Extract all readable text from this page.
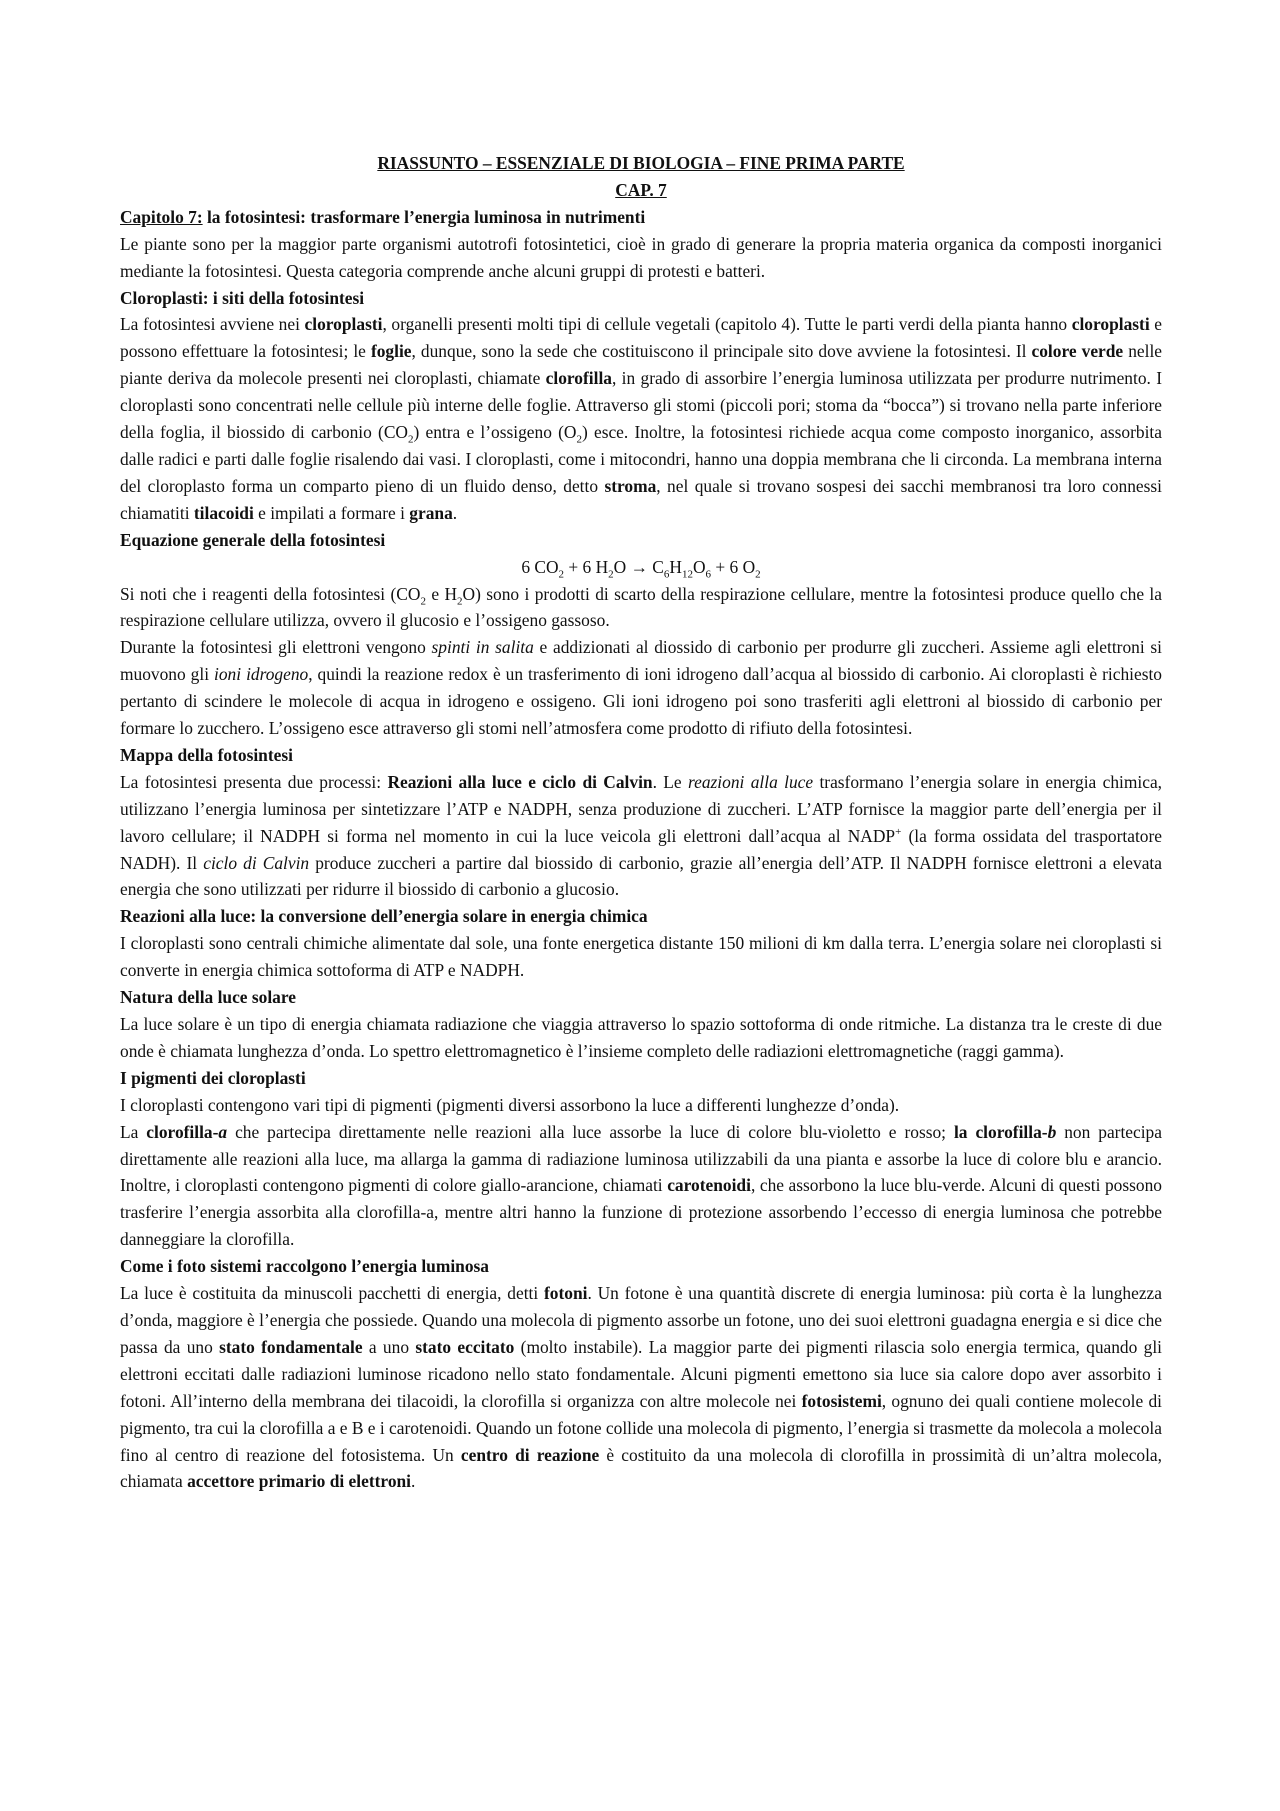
RIASSUNTO – ESSENZIALE DI BIOLOGIA – FINE PRIMA PARTE

CAP. 7

Capitolo 7: la fotosintesi: trasformare l’energia luminosa in nutrimenti

Le piante sono per la maggior parte organismi autotrofi fotosintetici, cioè in grado di generare la propria materia organica da composti inorganici mediante la fotosintesi. Questa categoria comprende anche alcuni gruppi di protesti e batteri.

Cloroplasti: i siti della fotosintesi

La fotosintesi avviene nei cloroplasti, organelli presenti molti tipi di cellule vegetali (capitolo 4). Tutte le parti verdi della pianta hanno cloroplasti e possono effettuare la fotosintesi; le foglie, dunque, sono la sede che costituiscono il principale sito dove avviene la fotosintesi. Il colore verde nelle piante deriva da molecole presenti nei cloroplasti, chiamate clorofilla, in grado di assorbire l’energia luminosa utilizzata per produrre nutrimento. I cloroplasti sono concentrati nelle cellule più interne delle foglie. Attraverso gli stomi (piccoli pori; stoma da “bocca”) si trovano nella parte inferiore della foglia, il biossido di carbonio $(CO_2)$ entra e l’ossigeno $(O_2)$ esce. Inoltre, la fotosintesi richiede acqua come composto inorganico, assorbita dalle radici e parti dalle foglie risalendo dai vasi. I cloroplasti, come i mitocondri, hanno una doppia membrana che li circonda. La membrana interna del cloroplasto forma un comparto pieno di un fluido denso, detto stroma, nel quale si trovano sospesi dei sacchi membranosi tra loro connessi chiamatiti tilacoidi e impilati a formare i grana.

Equazione generale della fotosintesi

6 $CO_2 + 6$ $H_2O \to C_6H_{12}O_6 + 6$ $O_2$

Si noti che i reagenti della fotosintesi ($CO_2$ e $H_2O$) sono i prodotti di scarto della respirazione cellulare, mentre la fotosintesi produce quello che la respirazione cellulare utilizza, ovvero il glucosio e l’ossigeno gassoso.

Durante la fotosintesi gli elettroni vengono spinti in salita e addizionati al diossido di carbonio per produrre gli zuccheri. Assieme agli elettroni si muovono gli ioni idrogeno, quindi la reazione redox è un trasferimento di ioni idrogeno dall’acqua al biossido di carbonio. Ai cloroplasti è richiesto pertanto di scindere le molecole di acqua in idrogeno e ossigeno. Gli ioni idrogeno poi sono trasferiti agli elettroni al biossido di carbonio per formare lo zucchero. L’ossigeno esce attraverso gli stomi nell’atmosfera come prodotto di rifiuto della fotosintesi.

Mappa della fotosintesi

La fotosintesi presenta due processi: Reazioni alla luce e ciclo di Calvin. Le reazioni alla luce trasformano l’energia solare in energia chimica, utilizzano l’energia luminosa per sintetizzare l’ATP e NADPH, senza produzione di zuccheri. L’ATP fornisce la maggior parte dell’energia per il lavoro cellulare; il NADPH si forma nel momento in cui la luce veicola gli elettroni dall’acqua al NADP+ (la forma ossidata del trasportatore NADH). Il ciclo di Calvin produce zuccheri a partire dal biossido di carbonio, grazie all’energia dell’ATP. Il NADPH fornisce elettroni a elevata energia che sono utilizzati per ridurre il biossido di carbonio a glucosio.

Reazioni alla luce: la conversione dell’energia solare in energia chimica

I cloroplasti sono centrali chimiche alimentate dal sole, una fonte energetica distante 150 milioni di km dalla terra. L’energia solare nei cloroplasti si converte in energia chimica sottoforma di ATP e NADPH.

Natura della luce solare

La luce solare è un tipo di energia chiamata radiazione che viaggia attraverso lo spazio sottoforma di onde ritmiche. La distanza tra le creste di due onde è chiamata lunghezza d’onda. Lo spettro elettromagnetico è l’insieme completo delle radiazioni elettromagnetiche (raggi gamma).

I pigmenti dei cloroplasti

I cloroplasti contengono vari tipi di pigmenti (pigmenti diversi assorbono la luce a differenti lunghezze d’onda).

La clorofilla-a che partecipa direttamente nelle reazioni alla luce assorbe la luce di colore blu-violetto e rosso; la clorofilla-b non partecipa direttamente alle reazioni alla luce, ma allarga la gamma di radiazione luminosa utilizzabili da una pianta e assorbe la luce di colore blu e arancio. Inoltre, i cloroplasti contengono pigmenti di colore giallo-arancione, chiamati carotenoidi, che assorbono la luce blu-verde. Alcuni di questi possono trasferire l’energia assorbita alla clorofilla-a, mentre altri hanno la funzione di protezione assorbendo l’eccesso di energia luminosa che potrebbe danneggiare la clorofilla.

Come i foto sistemi raccolgono l’energia luminosa

La luce è costituita da minuscoli pacchetti di energia, detti fotoni. Un fotone è una quantità discrete di energia luminosa: più corta è la lunghezza d’onda, maggiore è l’energia che possiede. Quando una molecola di pigmento assorbe un fotone, uno dei suoi elettroni guadagna energia e si dice che passa da uno stato fondamentale a uno stato eccitato (molto instabile). La maggior parte dei pigmenti rilascia solo energia termica, quando gli elettroni eccitati dalle radiazioni luminose ricadono nello stato fondamentale. Alcuni pigmenti emettono sia luce sia calore dopo aver assorbito i fotoni. All’interno della membrana dei tilacoidi, la clorofilla si organizza con altre molecole nei fotosistemi, ognuno dei quali contiene molecole di pigmento, tra cui la clorofilla a e B e i carotenoidi. Quando un fotone collide una molecola di pigmento, l’energia si trasmette da molecola a molecola fino al centro di reazione del fotosistema. Un centro di reazione è costituito da una molecola di clorofilla in prossimità di un’altra molecola, chiamata accettore primario di elettroni.
